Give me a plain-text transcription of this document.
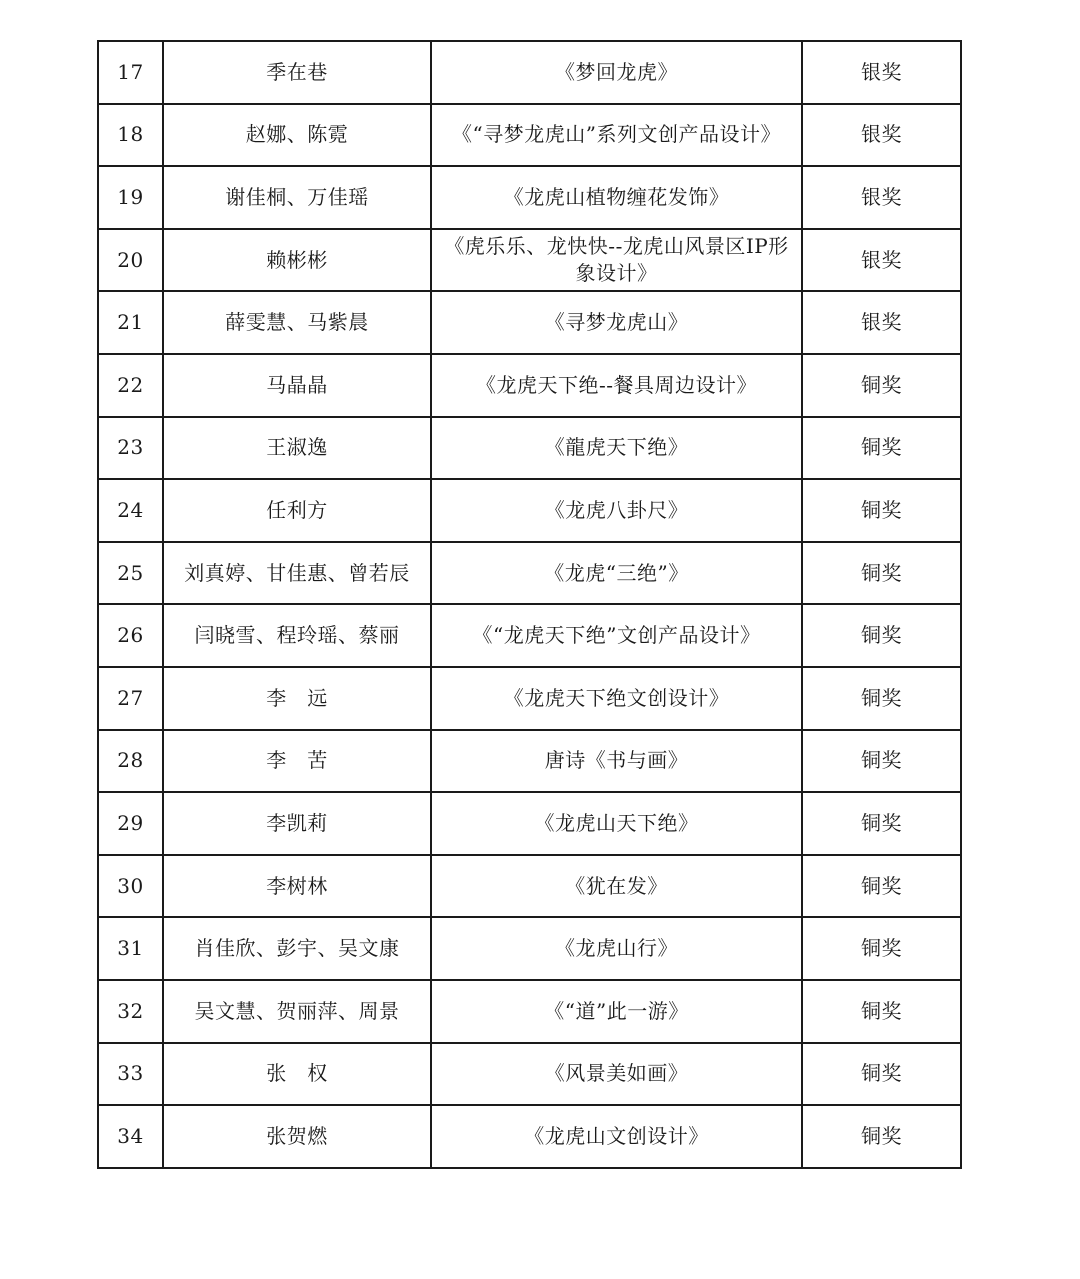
17	季在巷	《梦回龙虎》	银奖
18	赵娜、陈霓	《“寻梦龙虎山”系列文创产品设计》	银奖
19	谢佳桐、万佳瑶	《龙虎山植物缠花发饰》	银奖
20	赖彬彬	《虎乐乐、龙快快--龙虎山风景区IP形象设计》	银奖
21	薛雯慧、马紫晨	《寻梦龙虎山》	银奖
22	马晶晶	《龙虎天下绝--餐具周边设计》	铜奖
23	王淑逸	《龍虎天下绝》	铜奖
24	任利方	《龙虎八卦尺》	铜奖
25	刘真婷、甘佳惠、曾若辰	《龙虎“三绝”》	铜奖
26	闫晓雪、程玲瑶、蔡丽	《“龙虎天下绝”文创产品设计》	铜奖
27	李　远	《龙虎天下绝文创设计》	铜奖
28	李　苦	唐诗《书与画》	铜奖
29	李凯莉	《龙虎山天下绝》	铜奖
30	李树林	《犹在发》	铜奖
31	肖佳欣、彭宇、吴文康	《龙虎山行》	铜奖
32	吴文慧、贺丽萍、周景	《“道”此一游》	铜奖
33	张　权	《风景美如画》	铜奖
34	张贺燃	《龙虎山文创设计》	铜奖
